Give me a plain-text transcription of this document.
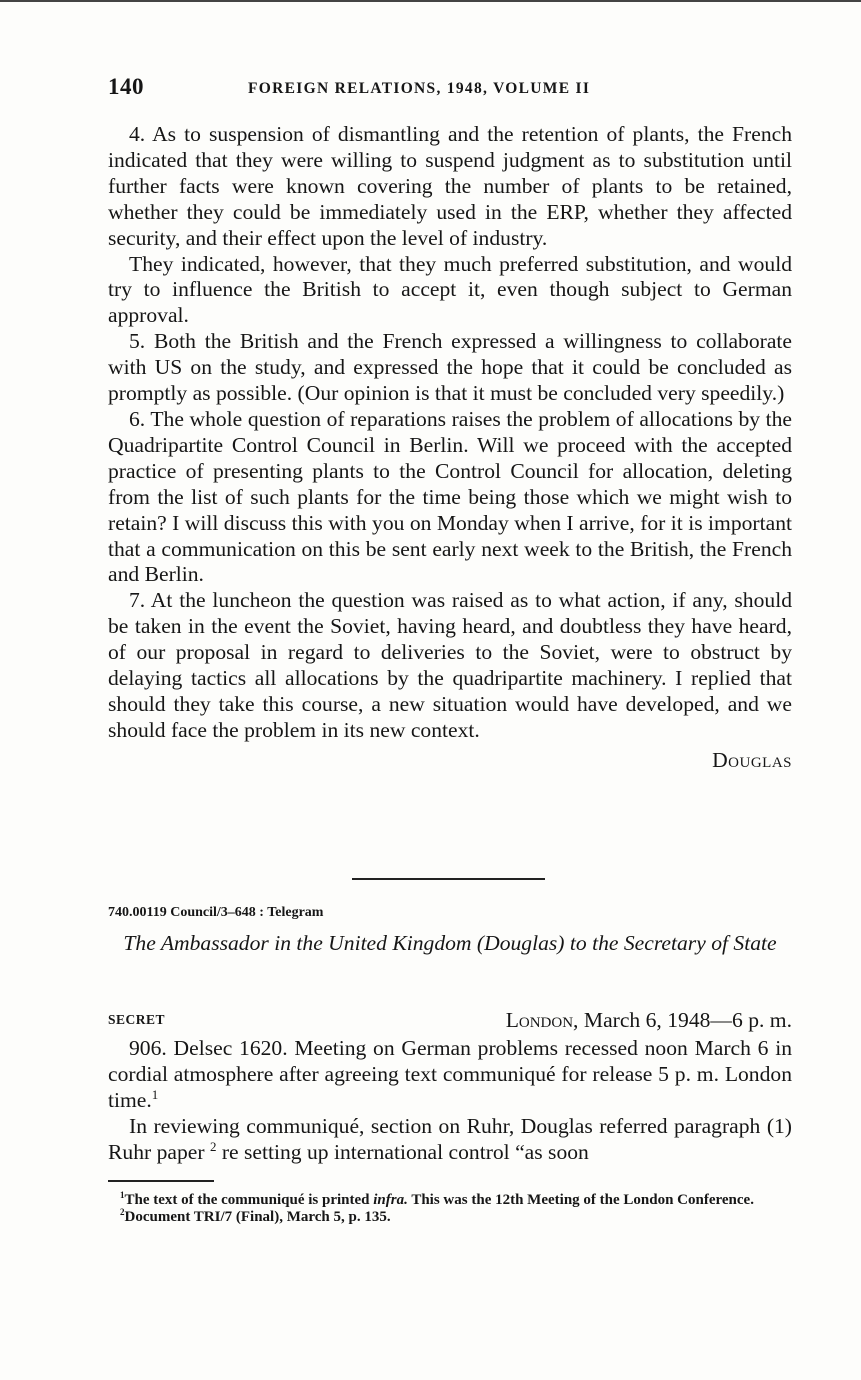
140	FOREIGN RELATIONS, 1948, VOLUME II

4. As to suspension of dismantling and the retention of plants, the French indicated that they were willing to suspend judgment as to substitution until further facts were known covering the number of plants to be retained, whether they could be immediately used in the ERP, whether they affected security, and their effect upon the level of industry.

They indicated, however, that they much preferred substitution, and would try to influence the British to accept it, even though subject to German approval.

5. Both the British and the French expressed a willingness to collaborate with US on the study, and expressed the hope that it could be concluded as promptly as possible. (Our opinion is that it must be concluded very speedily.)

6. The whole question of reparations raises the problem of allocations by the Quadripartite Control Council in Berlin. Will we proceed with the accepted practice of presenting plants to the Control Council for allocation, deleting from the list of such plants for the time being those which we might wish to retain? I will discuss this with you on Monday when I arrive, for it is important that a communication on this be sent early next week to the British, the French and Berlin.

7. At the luncheon the question was raised as to what action, if any, should be taken in the event the Soviet, having heard, and doubtless they have heard, of our proposal in regard to deliveries to the Soviet, were to obstruct by delaying tactics all allocations by the quadripartite machinery. I replied that should they take this course, a new situation would have developed, and we should face the problem in its new context.

Douglas

740.00119 Council/3–648 : Telegram
The Ambassador in the United Kingdom (Douglas) to the Secretary of State
SECRET	London, March 6, 1948—6 p. m.

906. Delsec 1620. Meeting on German problems recessed noon March 6 in cordial atmosphere after agreeing text communiqué for release 5 p. m. London time.$^1$

In reviewing communiqué, section on Ruhr, Douglas referred paragraph (1) Ruhr paper $^2$ re setting up international control “as soon

$^1$The text of the communiqué is printed infra. This was the 12th Meeting of the London Conference.

$^2$Document TRI/7 (Final), March 5, p. 135.
